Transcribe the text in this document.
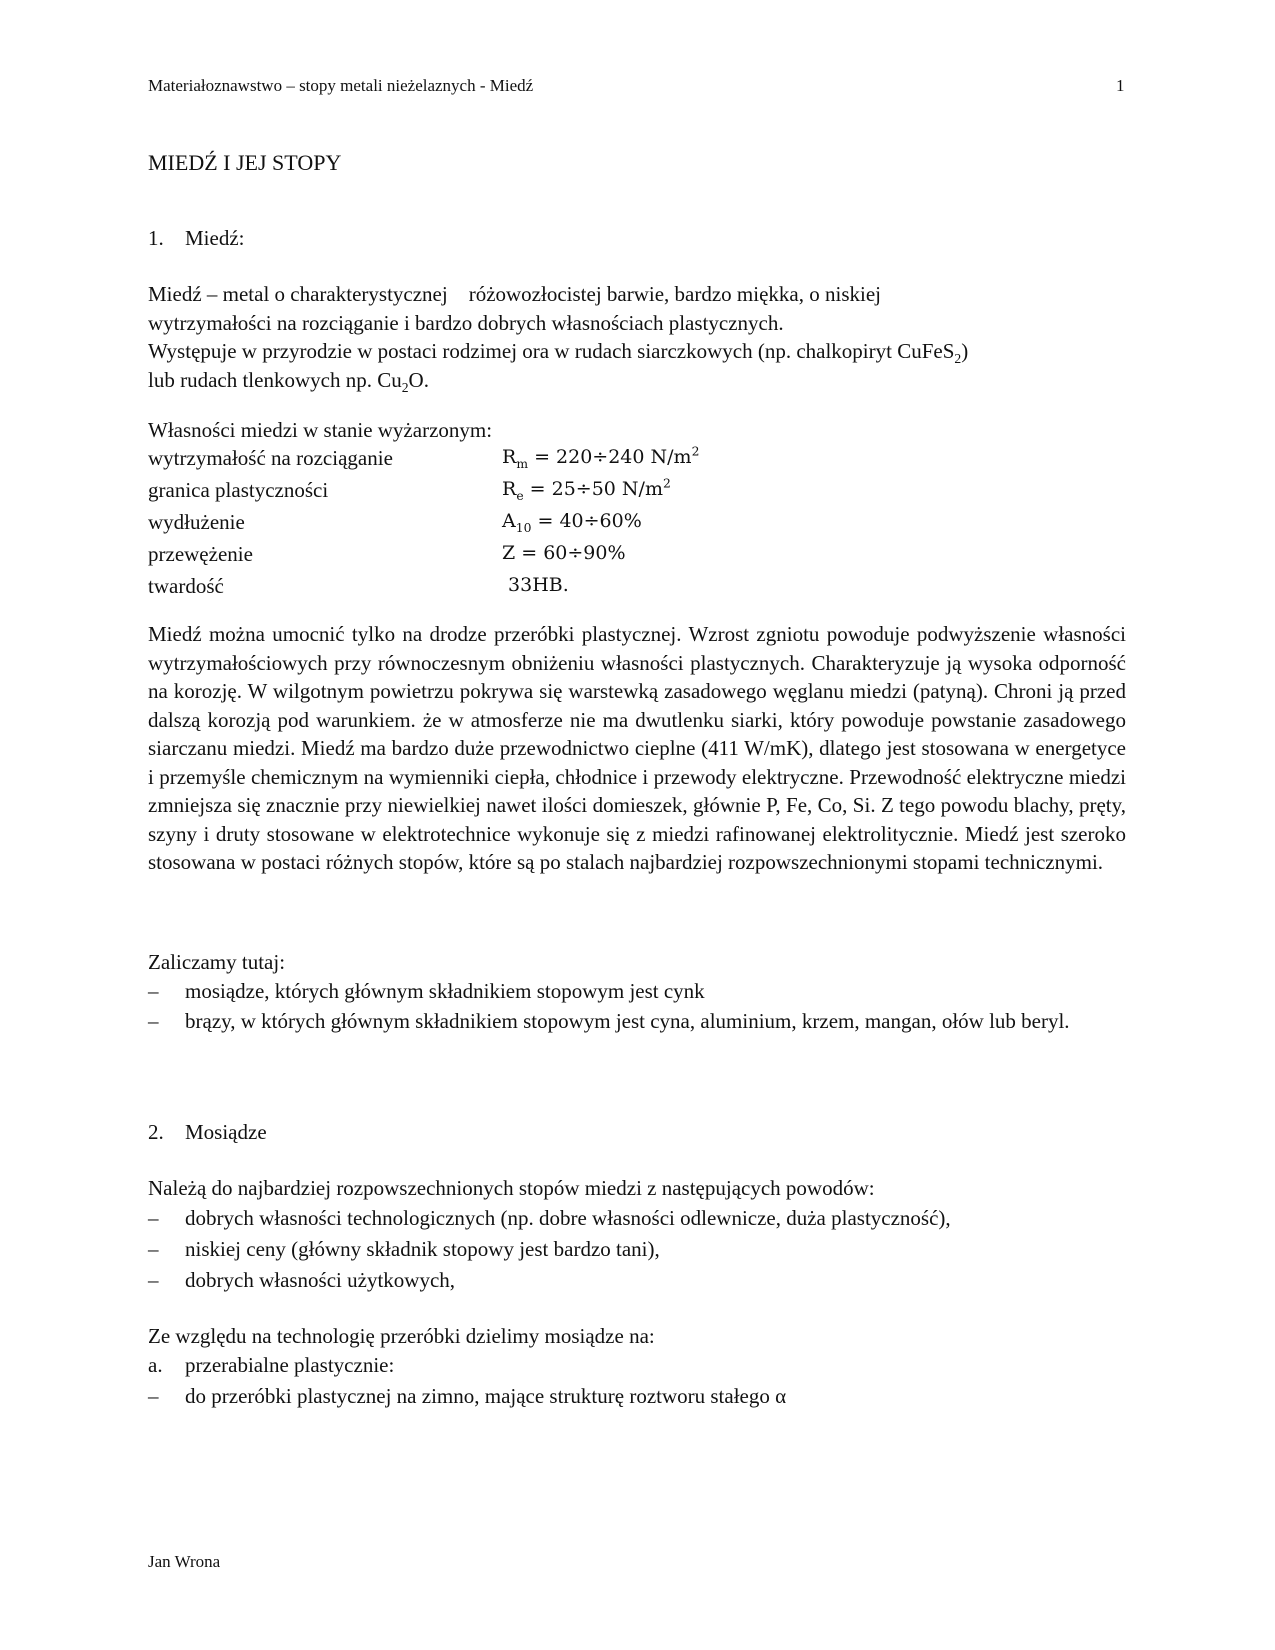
Materiałoznawstwo – stopy metali nieżelaznych - Miedź	1
MIEDŹ I JEJ STOPY
1. Miedź:
Miedź – metal o charakterystycznej    różowozłocistej barwie, bardzo miękka, o niskiej
wytrzymałości na rozciąganie i bardzo dobrych własnościach plastycznych.
Występuje w przyrodzie w postaci rodzimej ora w rudach siarczkowych (np. chalkopiryt CuFeS$_2$)
lub rudach tlenkowych np. $Cu_2O$.
Własności miedzi w stanie wyżarzonym:
wytrzymałość na rozciąganie	$R_m = 220\div 240$ $N/m^2$
granica plastyczności	$R_e = 25\div 50$ $N/m^2$
wydłużenie	$A_{10} = 40\div 60\%$
przewężenie	Z = 60÷90%
twardość	33HB.
Miedź można umocnić tylko na drodze przeróbki plastycznej. Wzrost zgniotu powoduje podwyższenie własności wytrzymałościowych przy równoczesnym obniżeniu własności plastycznych. Charakteryzuje ją wysoka odporność na korozję. W wilgotnym powietrzu pokrywa się warstewką zasadowego węglanu miedzi (patyną). Chroni ją przed dalszą korozją pod warunkiem. że w atmosferze nie ma dwutlenku siarki, który powoduje powstanie zasadowego siarczanu miedzi. Miedź ma bardzo duże przewodnictwo cieplne (411 W/mK), dlatego jest stosowana w energetyce i przemyśle chemicznym na wymienniki ciepła, chłodnice i przewody elektryczne. Przewodność elektryczne miedzi zmniejsza się znacznie przy niewielkiej nawet ilości domieszek, głównie P, Fe, Co, Si. Z tego powodu blachy, pręty, szyny i druty stosowane w elektrotechnice wykonuje się z miedzi rafinowanej elektrolitycznie. Miedź jest szeroko stosowana w postaci różnych stopów, które są po stalach najbardziej rozpowszechnionymi stopami technicznymi.
Zaliczamy tutaj:
– mosiądze, których głównym składnikiem stopowym jest cynk
– brązy, w których głównym składnikiem stopowym jest cyna, aluminium, krzem, mangan, ołów lub beryl.
2. Mosiądze
Należą do najbardziej rozpowszechnionych stopów miedzi z następujących powodów:
– dobrych własności technologicznych (np. dobre własności odlewnicze, duża plastyczność),
– niskiej ceny (główny składnik stopowy jest bardzo tani),
– dobrych własności użytkowych,
Ze względu na technologię przeróbki dzielimy mosiądze na:
a. przerabialne plastycznie:
– do przeróbki plastycznej na zimno, mające strukturę roztworu stałego α
Jan Wrona
